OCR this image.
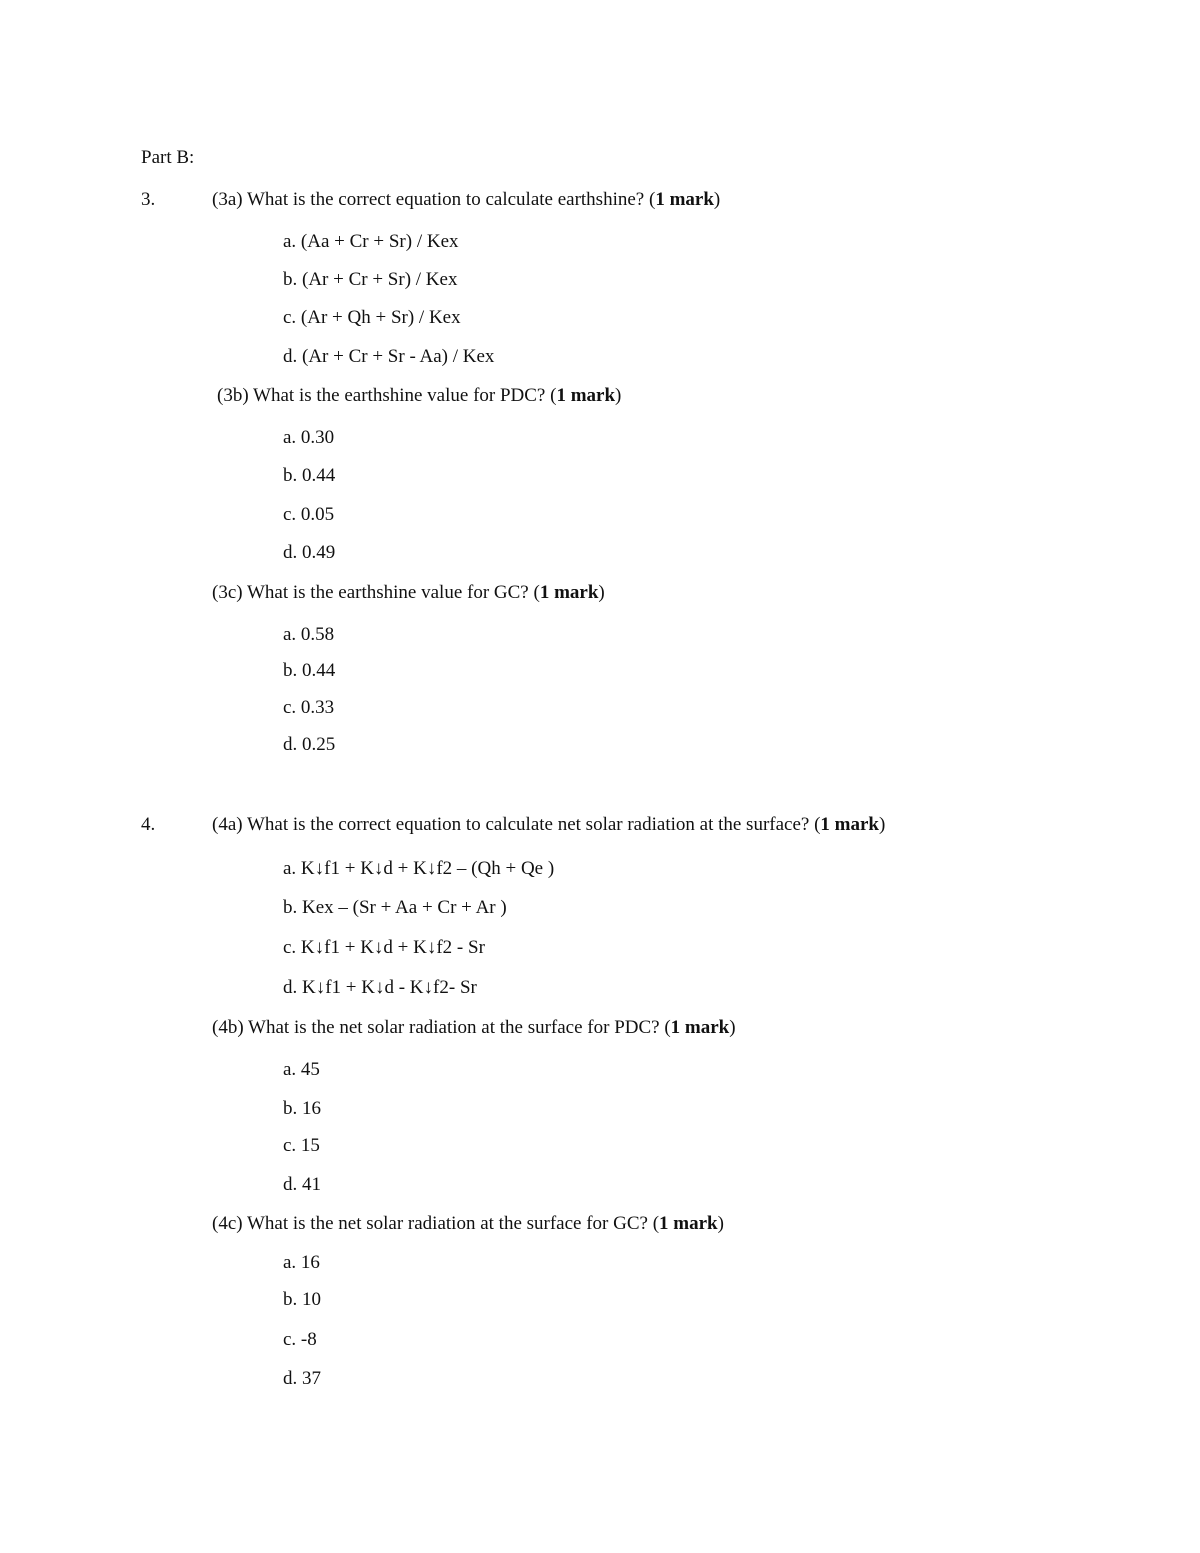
Part B:
3.	(3a) What is the correct equation to calculate earthshine? (1 mark)
a. (Aa + Cr + Sr) / Kex
b. (Ar + Cr + Sr) / Kex
c. (Ar + Qh + Sr) / Kex
d. (Ar + Cr + Sr - Aa) / Kex
(3b) What is the earthshine value for PDC? (1 mark)
a. 0.30
b. 0.44
c. 0.05
d. 0.49
(3c) What is the earthshine value for GC? (1 mark)
a. 0.58
b. 0.44
c. 0.33
d. 0.25
4.	(4a) What is the correct equation to calculate net solar radiation at the surface? (1 mark)
a. K↓f1 + K↓d + K↓f2 – (Qh + Qe )
b. Kex – (Sr + Aa + Cr + Ar )
c. K↓f1 + K↓d + K↓f2 - Sr
d. K↓f1 + K↓d - K↓f2- Sr
(4b) What is the net solar radiation at the surface for PDC? (1 mark)
a. 45
b. 16
c. 15
d. 41
(4c) What is the net solar radiation at the surface for GC? (1 mark)
a. 16
b. 10
c. -8
d. 37
